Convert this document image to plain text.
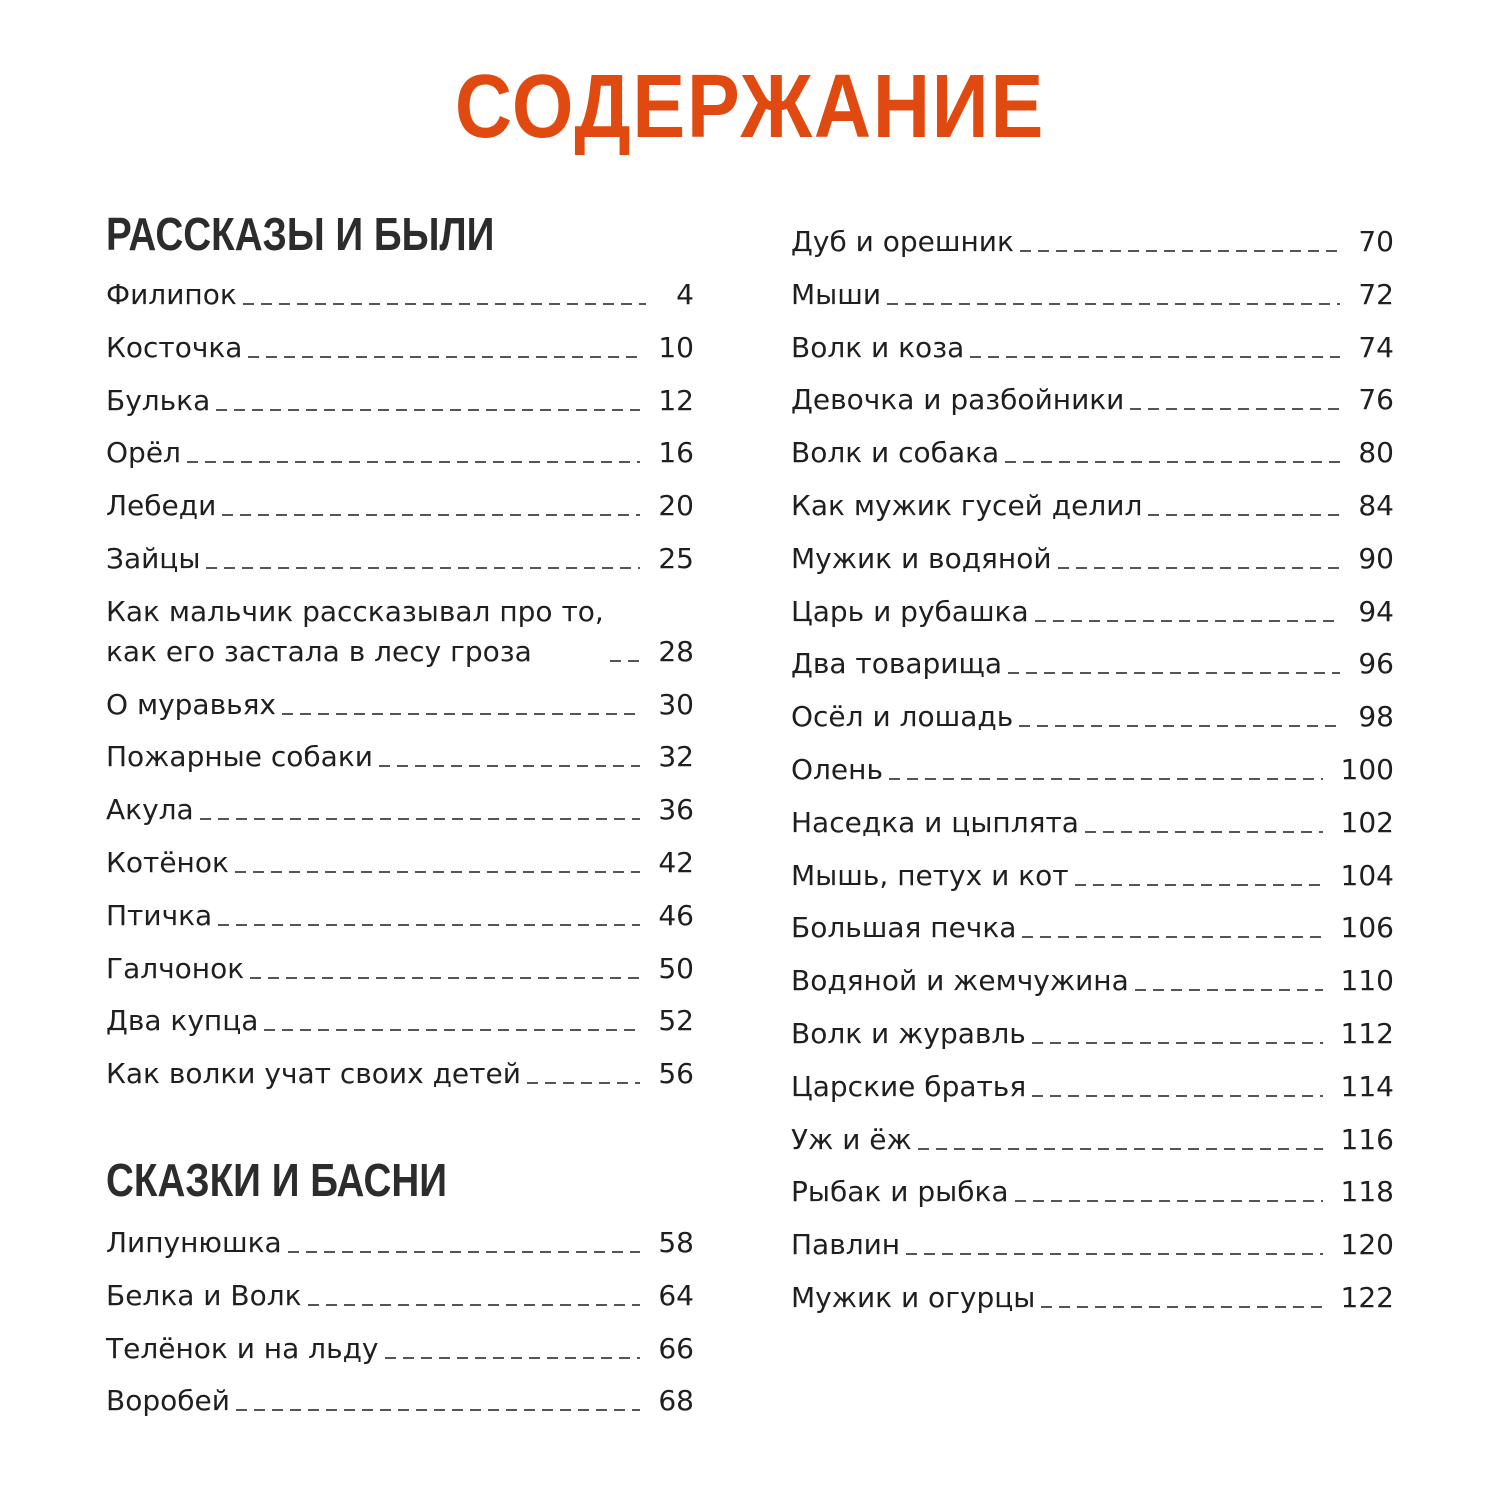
СОДЕРЖАНИЕ
РАССКАЗЫ И БЫЛИ
Филипок	4
Косточка	10
Булька	12
Орёл	16
Лебеди	20
Зайцы	25
Как мальчик рассказывал про то,
как его застала в лесу гроза	28
О муравьях	30
Пожарные собаки	32
Акула	36
Котёнок	42
Птичка	46
Галчонок	50
Два купца	52
Как волки учат своих детей	56
СКАЗКИ И БАСНИ
Липунюшка	58
Белка и Волк	64
Телёнок и на льду	66
Воробей	68
Дуб и орешник	70
Мыши	72
Волк и коза	74
Девочка и разбойники	76
Волк и собака	80
Как мужик гусей делил	84
Мужик и водяной	90
Царь и рубашка	94
Два товарища	96
Осёл и лошадь	98
Олень	100
Наседка и цыплята	102
Мышь, петух и кот	104
Большая печка	106
Водяной и жемчужина	110
Волк и журавль	112
Царские братья	114
Уж и ёж	116
Рыбак и рыбка	118
Павлин	120
Мужик и огурцы	122
